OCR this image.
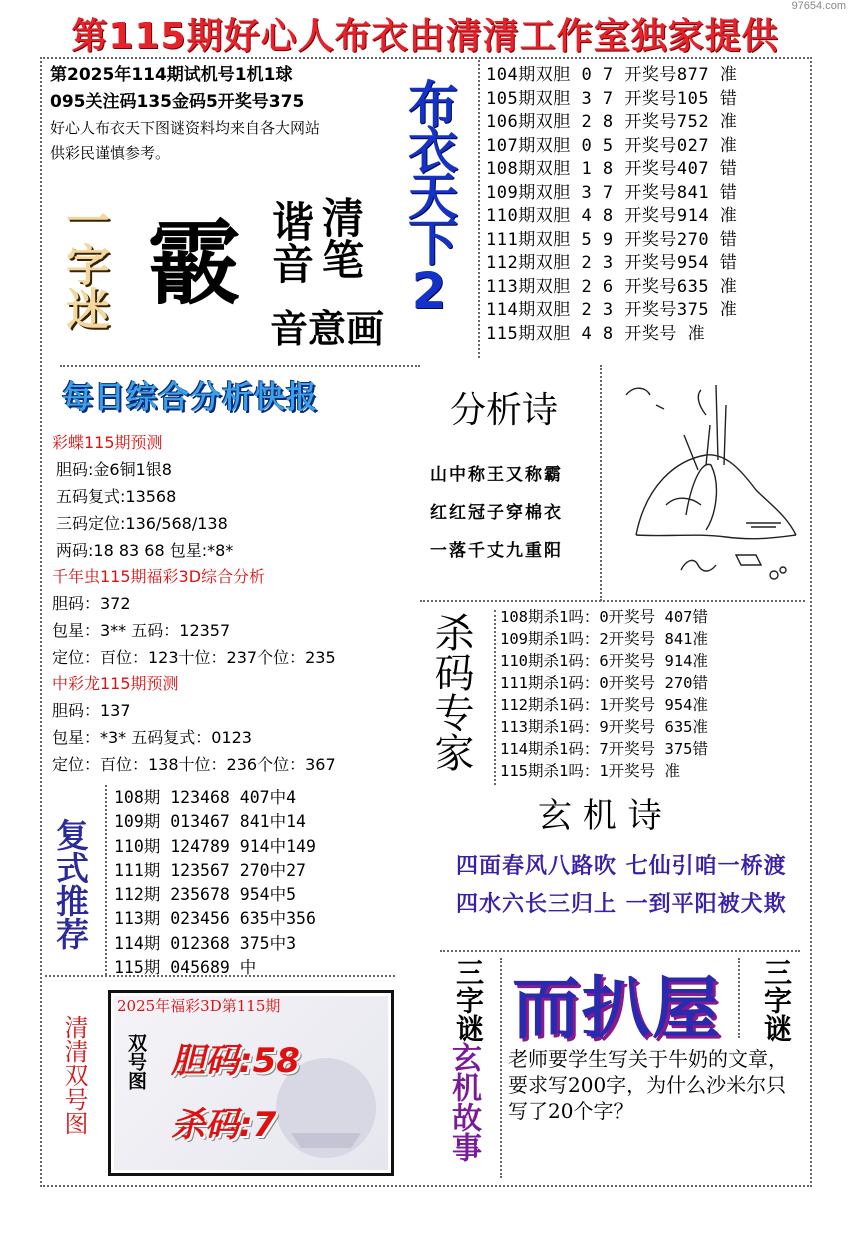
97654.com
第115期好心人布衣由清清工作室独家提供
第2025年114期试机号1机1球
095关注码135金码5开奖号375
好心人布衣天下图谜资料均来自各大网站
供彩民谨慎参考。
一字迷 霰 谐音 清笔
音意画
布衣天下2
104期双胆 0 7 开奖号877 准
105期双胆 3 7 开奖号105 错
106期双胆 2 8 开奖号752 准
107期双胆 0 5 开奖号027 准
108期双胆 1 8 开奖号407 错
109期双胆 3 7 开奖号841 错
110期双胆 4 8 开奖号914 准
111期双胆 5 9 开奖号270 错
112期双胆 2 3 开奖号954 错
113期双胆 2 6 开奖号635 准
114期双胆 2 3 开奖号375 准
115期双胆 4 8 开奖号 准
每日综合分析快报
彩蝶115期预测
胆码:金6铜1银8
五码复式:13568
三码定位:136/568/138
两码:18 83 68 包星:*8*
千年虫115期福彩3D综合分析
胆码：372
包星：3** 五码：12357
定位：百位：123十位：237个位：235
中彩龙115期预测
胆码：137
包星：*3* 五码复式：0123
定位：百位：138十位：236个位：367
分析诗
山中称王又称霸
红红冠子穿棉衣
一落千丈九重阳
杀码专家 108期杀1吗：0开奖号 407错
109期杀1吗：2开奖号 841准
110期杀1码：6开奖号 914准
111期杀1码：0开奖号 270错
112期杀1码：1开奖号 954准
113期杀1码：9开奖号 635准
114期杀1码：7开奖号 375错
115期杀1吗：1开奖号 准
复式推荐
108期 123468 407中4
109期 013467 841中14
110期 124789 914中149
111期 123567 270中27
112期 235678 954中5
113期 023456 635中356
114期 012368 375中3
115期 045689 中
玄 机 诗
四面春风八路吹 七仙引咱一桥渡
四水六长三归上 一到平阳被犬欺
三字谜 而扒屋 三字谜
玄机故事 老师要学生写关于牛奶的文章，要求写200字，为什么沙米尔只写了20个字？
清清双号图
2025年福彩3D第115期
双号图 胆码:58
杀码:7
